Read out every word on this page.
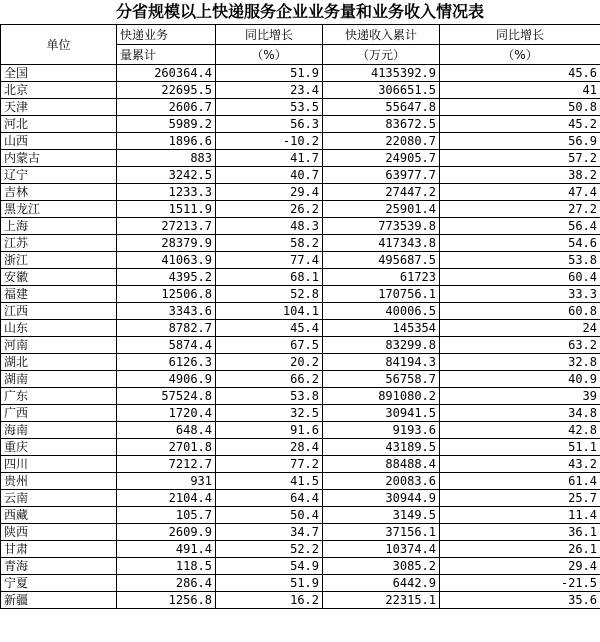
分省规模以上快递服务企业业务量和业务收入情况表
单位	快递业务	同比增长	快递收入累计	同比增长
	量累计	（%）	（万元）	（%）
全国	260364.4	51.9	4135392.9	45.6
北京	22695.5	23.4	306651.5	41
天津	2606.7	53.5	55647.8	50.8
河北	5989.2	56.3	83672.5	45.2
山西	1896.6	-10.2	22080.7	56.9
内蒙古	883	41.7	24905.7	57.2
辽宁	3242.5	40.7	63977.7	38.2
吉林	1233.3	29.4	27447.2	47.4
黑龙江	1511.9	26.2	25901.4	27.2
上海	27213.7	48.3	773539.8	56.4
江苏	28379.9	58.2	417343.8	54.6
浙江	41063.9	77.4	495687.5	53.8
安徽	4395.2	68.1	61723	60.4
福建	12506.8	52.8	170756.1	33.3
江西	3343.6	104.1	40006.5	60.8
山东	8782.7	45.4	145354	24
河南	5874.4	67.5	83299.8	63.2
湖北	6126.3	20.2	84194.3	32.8
湖南	4906.9	66.2	56758.7	40.9
广东	57524.8	53.8	891080.2	39
广西	1720.4	32.5	30941.5	34.8
海南	648.4	91.6	9193.6	42.8
重庆	2701.8	28.4	43189.5	51.1
四川	7212.7	77.2	88488.4	43.2
贵州	931	41.5	20083.6	61.4
云南	2104.4	64.4	30944.9	25.7
西藏	105.7	50.4	3149.5	11.4
陕西	2609.9	34.7	37156.1	36.1
甘肃	491.4	52.2	10374.4	26.1
青海	118.5	54.9	3085.2	29.4
宁夏	286.4	51.9	6442.9	-21.5
新疆	1256.8	16.2	22315.1	35.6
